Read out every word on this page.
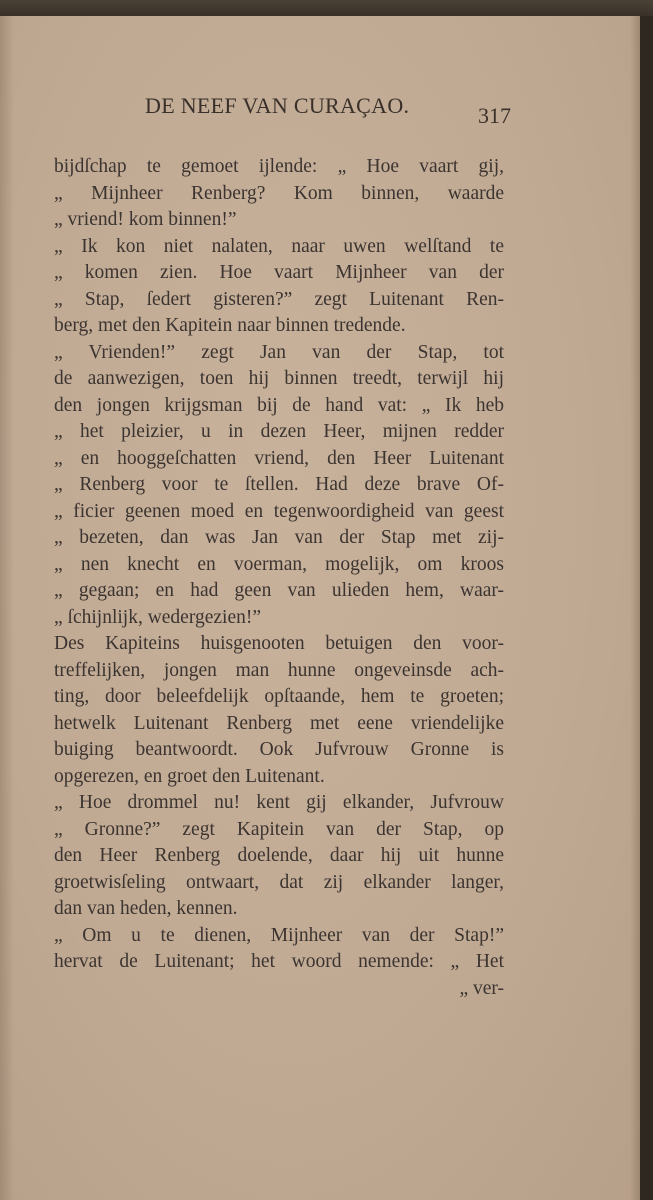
DE NEEF VAN CURAÇAO.	317
bijdſchap te gemoet ijlende: „ Hoe vaart gij,
„ Mijnheer Renberg? Kom binnen, waarde
„ vriend! kom binnen!”
„ Ik kon niet nalaten, naar uwen welſtand te
„ komen zien. Hoe vaart Mijnheer van der
„ Stap, ſedert gisteren?” zegt Luitenant Ren-
berg, met den Kapitein naar binnen tredende.
„ Vrienden!” zegt Jan van der Stap, tot
de aanwezigen, toen hij binnen treedt, terwijl hij
den jongen krijgsman bij de hand vat: „ Ik heb
„ het pleizier, u in dezen Heer, mijnen redder
„ en hooggeſchatten vriend, den Heer Luitenant
„ Renberg voor te ſtellen. Had deze brave Of-
„ ficier geenen moed en tegenwoordigheid van geest
„ bezeten, dan was Jan van der Stap met zij-
„ nen knecht en voerman, mogelijk, om kroos
„ gegaan; en had geen van ulieden hem, waar-
„ ſchijnlijk, wedergezien!”
Des Kapiteins huisgenooten betuigen den voor-
treffelijken, jongen man hunne ongeveinsde ach-
ting, door beleefdelijk opſtaande, hem te groeten;
hetwelk Luitenant Renberg met eene vriendelijke
buiging beantwoordt. Ook Jufvrouw Gronne is
opgerezen, en groet den Luitenant.
„ Hoe drommel nu! kent gij elkander, Jufvrouw
„ Gronne?” zegt Kapitein van der Stap, op
den Heer Renberg doelende, daar hij uit hunne
groetwisſeling ontwaart, dat zij elkander langer,
dan van heden, kennen.
„ Om u te dienen, Mijnheer van der Stap!”
hervat de Luitenant; het woord nemende: „ Het
„ ver-
